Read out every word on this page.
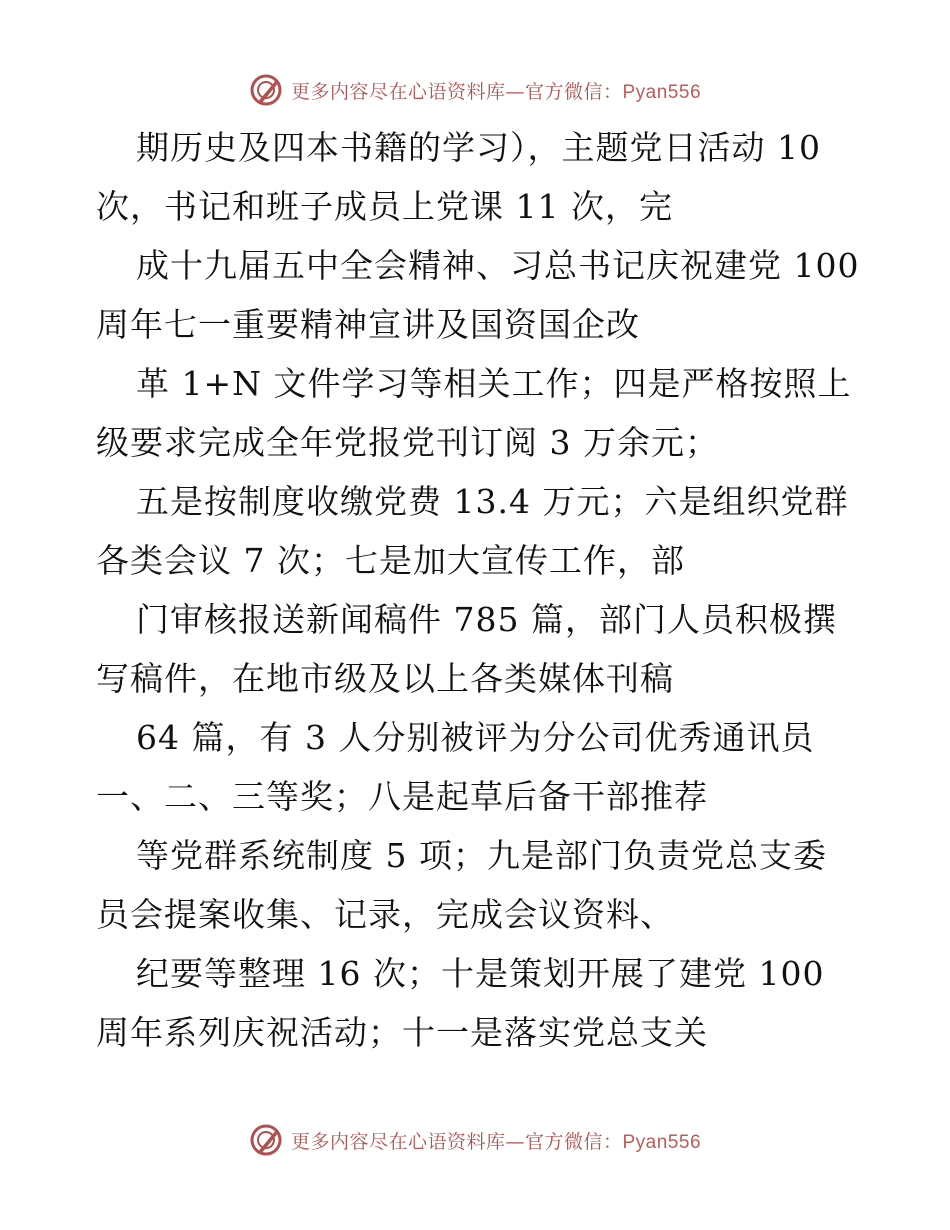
更多内容尽在心语资料库—官方微信：Pyan556
期历史及四本书籍的学习），主题党日活动 10
次，书记和班子成员上党课 11 次，完
成十九届五中全会精神、习总书记庆祝建党 100
周年七一重要精神宣讲及国资国企改
革 1+N 文件学习等相关工作；四是严格按照上
级要求完成全年党报党刊订阅 3 万余元；
五是按制度收缴党费 13.4 万元；六是组织党群
各类会议 7 次；七是加大宣传工作，部
门审核报送新闻稿件 785 篇，部门人员积极撰
写稿件，在地市级及以上各类媒体刊稿
64 篇，有 3 人分别被评为分公司优秀通讯员
一、二、三等奖；八是起草后备干部推荐
等党群系统制度 5 项；九是部门负责党总支委
员会提案收集、记录，完成会议资料、
纪要等整理 16 次；十是策划开展了建党 100
周年系列庆祝活动；十一是落实党总支关
更多内容尽在心语资料库—官方微信：Pyan556
